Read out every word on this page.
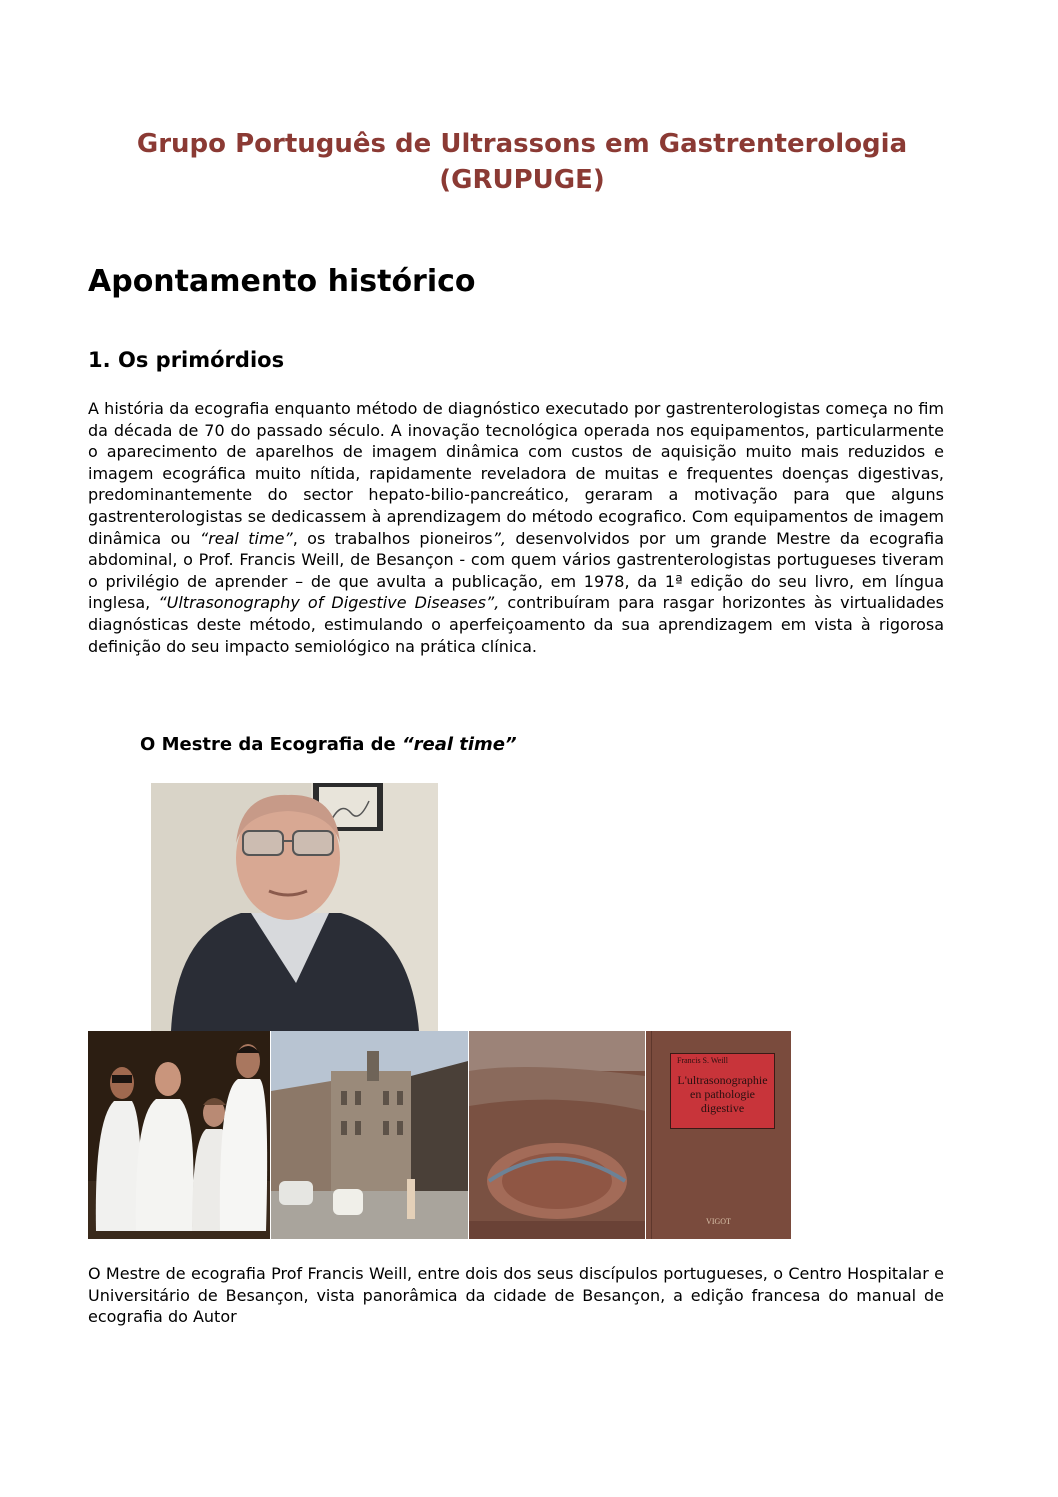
Grupo Português de Ultrassons em Gastrenterologia
(GRUPUGE)
Apontamento histórico
1. Os primórdios

A história da ecografia enquanto método de diagnóstico executado por gastrenterologistas começa no fim da década de 70 do passado século. A inovação tecnológica operada nos equipamentos, particularmente o aparecimento de aparelhos de imagem dinâmica com custos de aquisição muito mais reduzidos e imagem ecográfica muito nítida, rapidamente reveladora de muitas e frequentes doenças digestivas, predominantemente do sector hepato-bilio-pancreático, geraram a motivação para que alguns gastrenterologistas se dedicassem à aprendizagem do método ecografico. Com equipamentos de imagem dinâmica ou “real time”, os trabalhos pioneiros”, desenvolvidos por um grande Mestre da ecografia abdominal, o Prof. Francis Weill, de Besançon - com quem vários gastrenterologistas portugueses tiveram o privilégio de aprender – de que avulta a publicação, em 1978, da 1ª edição do seu livro, em língua inglesa, “Ultrasonography of Digestive Diseases”, contribuíram para rasgar horizontes às virtualidades diagnósticas deste método, estimulando o aperfeiçoamento da sua aprendizagem em vista à rigorosa definição do seu impacto semiológico na prática clínica.

O Mestre da Ecografia de “real time”

Francis S. Weill
L'ultrasonographie
en pathologie
digestive
VIGOT

O Mestre de ecografia Prof Francis Weill, entre dois dos seus discípulos portugueses, o Centro Hospitalar e Universitário de Besançon, vista panorâmica da cidade de Besançon, a edição francesa do manual de ecografia do Autor
